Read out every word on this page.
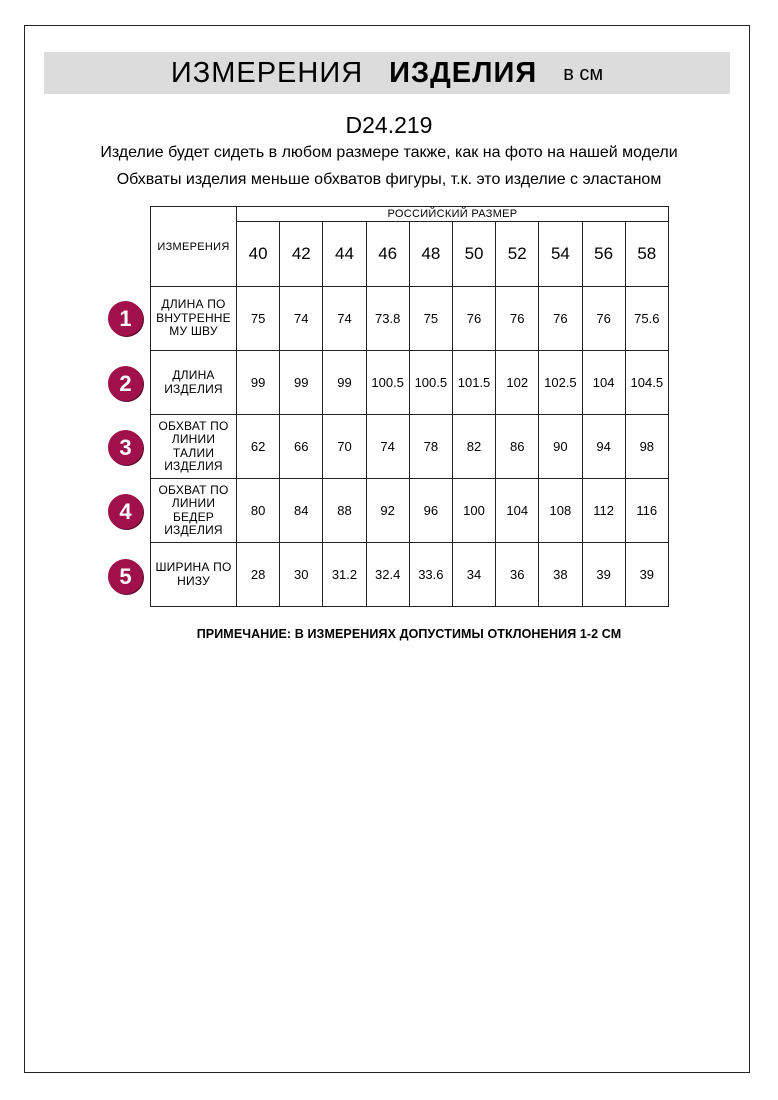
ИЗМЕРЕНИЯ ИЗДЕЛИЯ в см
D24.219
Изделие будет сидеть в любом размере также, как на фото на нашей модели
Обхваты изделия меньше обхватов фигуры, т.к. это изделие с эластаном
ИЗМЕРЕНИЯ	РОССИЙСКИЙ РАЗМЕР									
	40	42	44	46	48	50	52	54	56	58

ДЛИНА ПО
ВНУТРЕННЕ
МУ ШВУ	75	74	74	73.8	75	76	76	76	76	75.6

ДЛИНА
ИЗДЕЛИЯ	99	99	99	100.5	100.5	101.5	102	102.5	104	104.5

ОБХВАТ ПО
ЛИНИИ
ТАЛИИ
ИЗДЕЛИЯ	62	66	70	74	78	82	86	90	94	98

ОБХВАТ ПО
ЛИНИИ
БЕДЕР
ИЗДЕЛИЯ	80	84	88	92	96	100	104	108	112	116

ШИРИНА ПО
НИЗУ	28	30	31.2	32.4	33.6	34	36	38	39	39
1
2
3
4
5
ПРИМЕЧАНИЕ: В ИЗМЕРЕНИЯХ ДОПУСТИМЫ ОТКЛОНЕНИЯ 1-2 СМ
